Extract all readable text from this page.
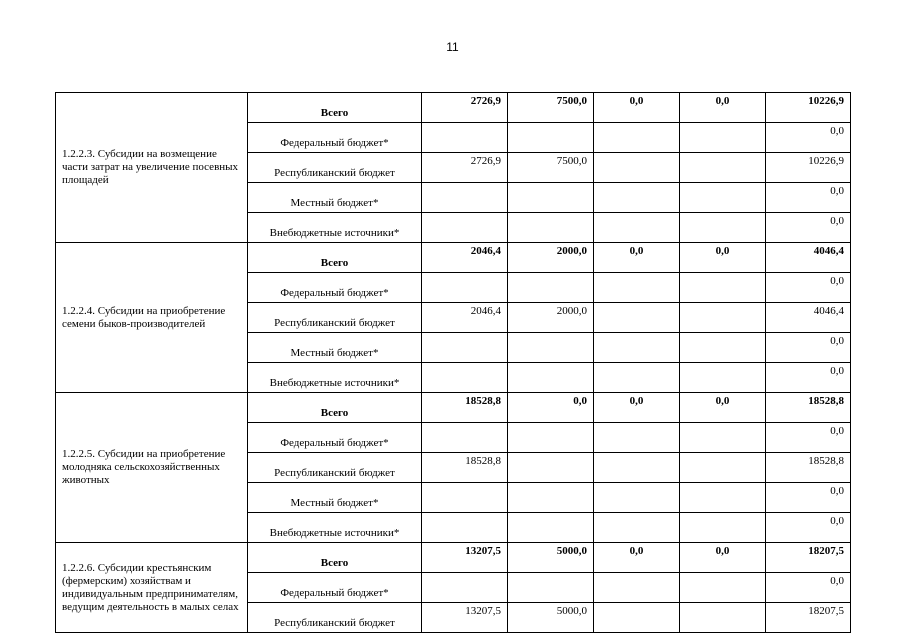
11
1.2.2.3. Субсидии на возмещение части затрат на увеличение посевных площадей	Всего	2726,9	7500,0	0,0	0,0	10226,9
	Федеральный бюджет*					0,0
	Республиканский бюджет	2726,9	7500,0			10226,9
	Местный бюджет*					0,0
	Внебюджетные источники*					0,0
1.2.2.4. Субсидии на приобретение семени быков-производителей	Всего	2046,4	2000,0	0,0	0,0	4046,4
	Федеральный бюджет*					0,0
	Республиканский бюджет	2046,4	2000,0			4046,4
	Местный бюджет*					0,0
	Внебюджетные источники*					0,0
1.2.2.5. Субсидии на приобретение молодняка сельскохозяйственных животных	Всего	18528,8	0,0	0,0	0,0	18528,8
	Федеральный бюджет*					0,0
	Республиканский бюджет	18528,8				18528,8
	Местный бюджет*					0,0
	Внебюджетные источники*					0,0
1.2.2.6. Субсидии крестьянским (фермерским) хозяйствам и индивидуальным предпринимателям, ведущим деятельность в малых селах	Всего	13207,5	5000,0	0,0	0,0	18207,5
	Федеральный бюджет*					0,0
	Республиканский бюджет	13207,5	5000,0			18207,5
